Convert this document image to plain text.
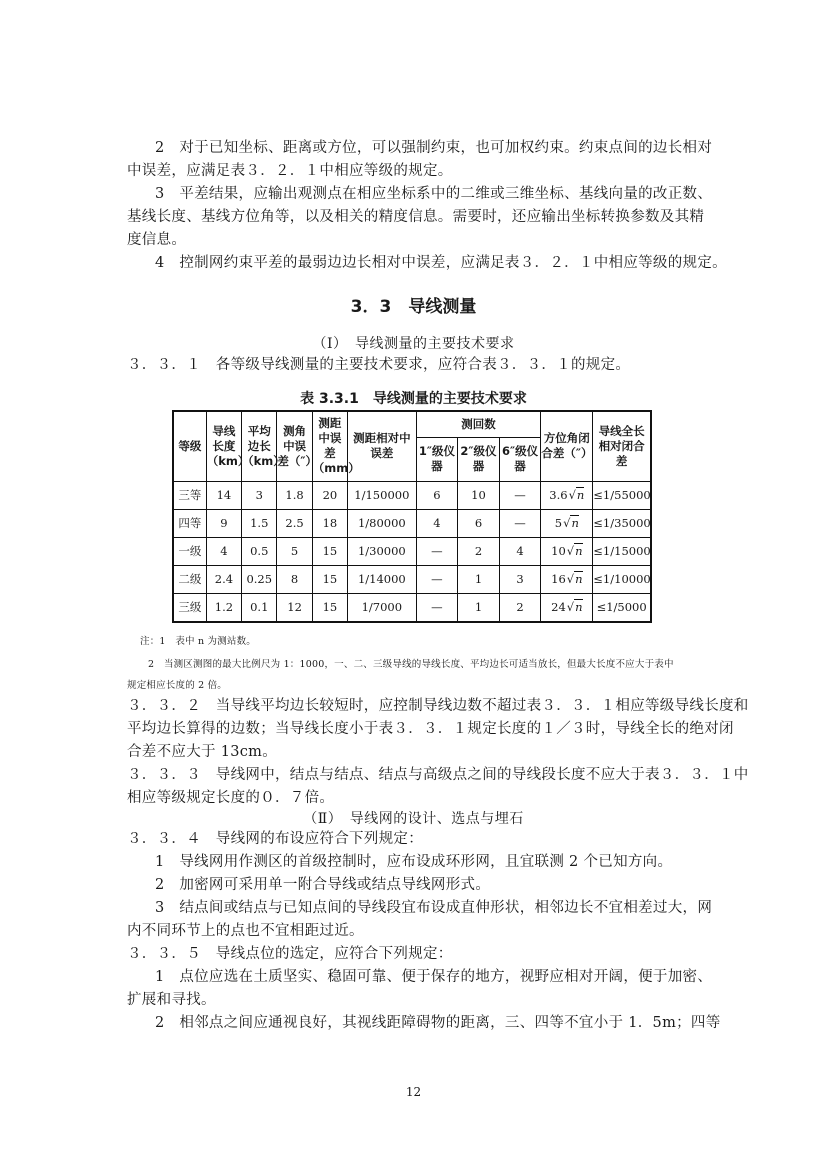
2　对于已知坐标、距离或方位，可以强制约束，也可加权约束。约束点间的边长相对
中误差，应满足表３．２．１中相应等级的规定。
3　平差结果，应输出观测点在相应坐标系中的二维或三维坐标、基线向量的改正数、
基线长度、基线方位角等，以及相关的精度信息。需要时，还应输出坐标转换参数及其精
度信息。
4　控制网约束平差的最弱边边长相对中误差，应满足表３．２．１中相应等级的规定。
3．3　导线测量
（Ⅰ）　导线测量的主要技术要求
３．３．１　各等级导线测量的主要技术要求，应符合表３．３．１的规定。
表 3.3.1　导线测量的主要技术要求
等级	导线长度（km）	平均边长（km）	测角中误差（″）	测距中误差（mm）	测距相对中误差	测回数			方位角闭合差（″）	导线全长相对闭合差
						1″级仪器	2″级仪器	6″级仪器		
三等	14	3	1.8	20	1/150000	6	10	—	3.6√n	≤1/55000
四等	9	1.5	2.5	18	1/80000	4	6	—	5√n	≤1/35000
一级	4	0.5	5	15	1/30000	—	2	4	10√n	≤1/15000
二级	2.4	0.25	8	15	1/14000	—	1	3	16√n	≤1/10000
三级	1.2	0.1	12	15	1/7000	—	1	2	24√n	≤1/5000
注：1　表中 n 为测站数。
2　当测区测图的最大比例尺为 1：1000，一、二、三级导线的导线长度、平均边长可适当放长，但最大长度不应大于表中
规定相应长度的 2 倍。
３．３．２　当导线平均边长较短时，应控制导线边数不超过表３．３．１相应等级导线长度和
平均边长算得的边数；当导线长度小于表３．３．１规定长度的１／３时，导线全长的绝对闭
合差不应大于 13cm。
３．３．３　导线网中，结点与结点、结点与高级点之间的导线段长度不应大于表３．３．１中
相应等级规定长度的０．７倍。
（Ⅱ）　导线网的设计、选点与埋石
３．３．４　导线网的布设应符合下列规定：
1　导线网用作测区的首级控制时，应布设成环形网，且宜联测 2 个已知方向。
2　加密网可采用单一附合导线或结点导线网形式。
3　结点间或结点与已知点间的导线段宜布设成直伸形状，相邻边长不宜相差过大，网
内不同环节上的点也不宜相距过近。
３．３．５　导线点位的选定，应符合下列规定：
1　点位应选在土质坚实、稳固可靠、便于保存的地方，视野应相对开阔，便于加密、
扩展和寻找。
2　相邻点之间应通视良好，其视线距障碍物的距离，三、四等不宜小于 1．5m；四等
12
